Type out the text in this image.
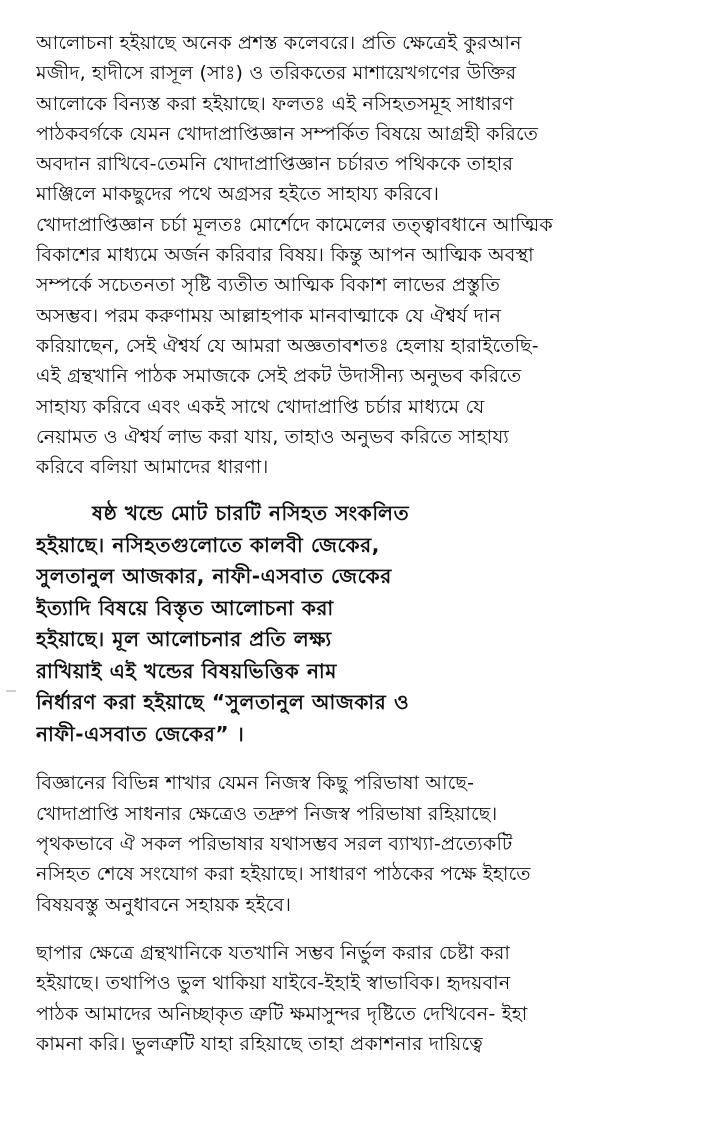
আলোচনা হইয়াছে অনেক প্রশস্ত কলেবরে। প্রতি ক্ষেত্রেই কুরআন
মজীদ, হাদীসে রাসূল (সাঃ) ও তরিকতের মাশায়েখগণের উক্তির
আলোকে বিন্যস্ত করা হইয়াছে। ফলতঃ এই নসিহতসমূহ সাধারণ
পাঠকবর্গকে যেমন খোদাপ্রাপ্তিজ্ঞান সম্পর্কিত বিষয়ে আগ্রহী করিতে
অবদান রাখিবে-তেমনি খোদাপ্রাপ্তিজ্ঞান চর্চারত পথিককে তাহার
মাঞ্জিলে মাকছুদের পথে অগ্রসর হইতে সাহায্য করিবে।
খোদাপ্রাপ্তিজ্ঞান চর্চা মূলতঃ মোর্শেদে কামেলের তত্ত্বাবধানে আত্মিক
বিকাশের মাধ্যমে অর্জন করিবার বিষয়। কিন্তু আপন আত্মিক অবস্থা
সম্পর্কে সচেতনতা সৃষ্টি ব্যতীত আত্মিক বিকাশ লাভের প্রস্তুতি
অসম্ভব। পরম করুণাময় আল্লাহপাক মানবাত্মাকে যে ঐশ্বর্য দান
করিয়াছেন, সেই ঐশ্বর্য যে আমরা অজ্ঞতাবশতঃ হেলায় হারাইতেছি-
এই গ্রন্থখানি পাঠক সমাজকে সেই প্রকট উদাসীন্য অনুভব করিতে
সাহায্য করিবে এবং একই সাথে খোদাপ্রাপ্তি চর্চার মাধ্যমে যে
নেয়ামত ও ঐশ্বর্য লাভ করা যায়, তাহাও অনুভব করিতে সাহায্য
করিবে বলিয়া আমাদের ধারণা।
ষষ্ঠ খন্ডে মোট চারটি নসিহত সংকলিত
হইয়াছে। নসিহতগুলোতে কালবী জেকের,
সুলতানুল আজকার, নাফী-এসবাত জেকের
ইত্যাদি বিষয়ে বিস্তৃত আলোচনা করা
হইয়াছে। মূল আলোচনার প্রতি লক্ষ্য
রাখিয়াই এই খন্ডের বিষয়ভিত্তিক নাম
নির্ধারণ করা হইয়াছে “সুলতানুল আজকার ও
নাফী-এসবাত জেকের” ।
বিজ্ঞানের বিভিন্ন শাখার যেমন নিজস্ব কিছু পরিভাষা আছে-
খোদাপ্রাপ্তি সাধনার ক্ষেত্রেও তদ্রুপ নিজস্ব পরিভাষা রহিয়াছে।
পৃথকভাবে ঐ সকল পরিভাষার যথাসম্ভব সরল ব্যাখ্যা-প্রত্যেকটি
নসিহত শেষে সংযোগ করা হইয়াছে। সাধারণ পাঠকের পক্ষে ইহাতে
বিষয়বস্তু অনুধাবনে সহায়ক হইবে।
ছাপার ক্ষেত্রে গ্রন্থখানিকে যতখানি সম্ভব নির্ভুল করার চেষ্টা করা
হইয়াছে। তথাপিও ভুল থাকিয়া যাইবে-ইহাই স্বাভাবিক। হৃদয়বান
পাঠক আমাদের অনিচ্ছাকৃত ত্রুটি ক্ষমাসুন্দর দৃষ্টিতে দেখিবেন- ইহা
কামনা করি। ভুলত্রুটি যাহা রহিয়াছে তাহা প্রকাশনার দায়িত্বে
